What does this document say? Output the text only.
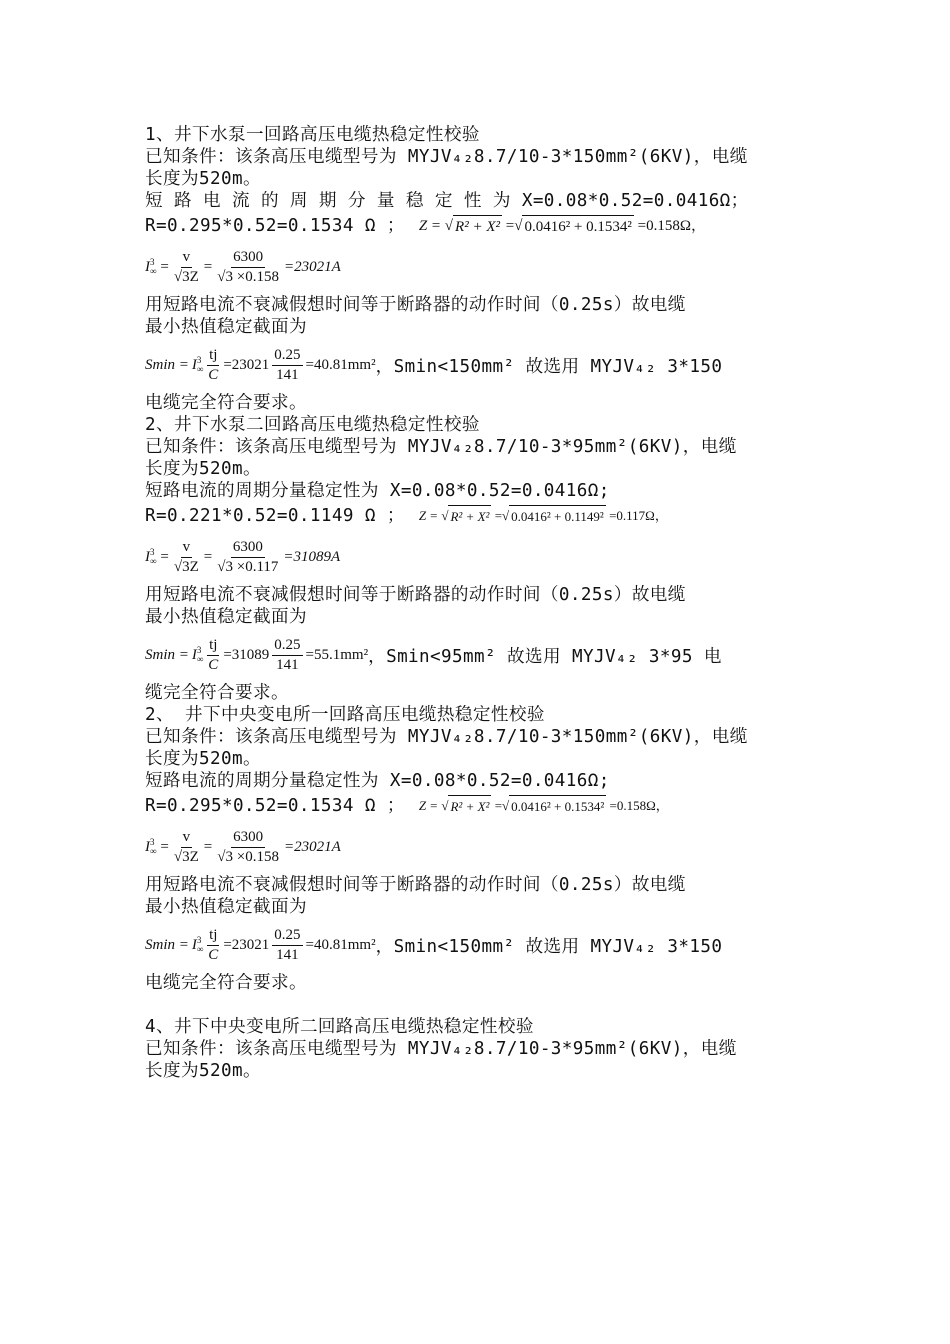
1、井下水泵一回路高压电缆热稳定性校验
已知条件：该条高压电缆型号为 MYJV₄₂8.7/10-3*150mm²(6KV)，电缆
长度为520m。
短 路 电 流 的 周 期 分 量 稳 定 性 为 X=0.08*0.52=0.0416Ω；
R=0.295*0.52=0.1534 Ω ； Z = √ R² + X² =√ 0.0416² + 0.1534²
=0.158Ω，
I 3
∞ = $\frac{v}{√3Z} = \frac{6300}{√3 \times 0.158} =23021A$
用短路电流不衰减假想时间等于断路器的动作时间（0.25s）故电缆
最小热值稳定截面为
Smin = I 3
∞ $\frac{tj}{C} =23021 \frac{0.25}{141} =40.81mm^2$ ，Smin<150mm² 故选用 MYJV₄₂ 3*150
电缆完全符合要求。
2、井下水泵二回路高压电缆热稳定性校验
已知条件：该条高压电缆型号为 MYJV₄₂8.7/10-3*95mm²(6KV)，电缆
长度为520m。
短路电流的周期分量稳定性为 X=0.08*0.52=0.0416Ω;
R=0.221*0.52=0.1149 Ω ； Z = √ R² + X² =√ 0.0416² + 0.1149²
=0.117Ω，
I 3
∞ = $\frac{v}{√3Z} = \frac{6300}{√3 \times 0.117} =31089A$
用短路电流不衰减假想时间等于断路器的动作时间（0.25s）故电缆
最小热值稳定截面为
Smin = I 3
∞ $\frac{tj}{C} =31089 \frac{0.25}{141} =55.1mm^2$ ，Smin<95mm² 故选用 MYJV₄₂ 3*95 电
缆完全符合要求。
2、 井下中央变电所一回路高压电缆热稳定性校验
已知条件：该条高压电缆型号为 MYJV₄₂8.7/10-3*150mm²(6KV)，电缆
长度为520m。
短路电流的周期分量稳定性为 X=0.08*0.52=0.0416Ω;
R=0.295*0.52=0.1534 Ω ； Z = √ R² + X² =√ 0.0416² + 0.1534²
=0.158Ω，
I 3
∞ = $\frac{v}{√3Z} = \frac{6300}{√3 \times 0.158} =23021A$
用短路电流不衰减假想时间等于断路器的动作时间（0.25s）故电缆
最小热值稳定截面为
Smin = I 3
∞ $\frac{tj}{C} =23021 \frac{0.25}{141} =40.81mm^2$ ，Smin<150mm² 故选用 MYJV₄₂ 3*150
电缆完全符合要求。
4、井下中央变电所二回路高压电缆热稳定性校验
已知条件：该条高压电缆型号为 MYJV₄₂8.7/10-3*95mm²(6KV)，电缆
长度为520m。
